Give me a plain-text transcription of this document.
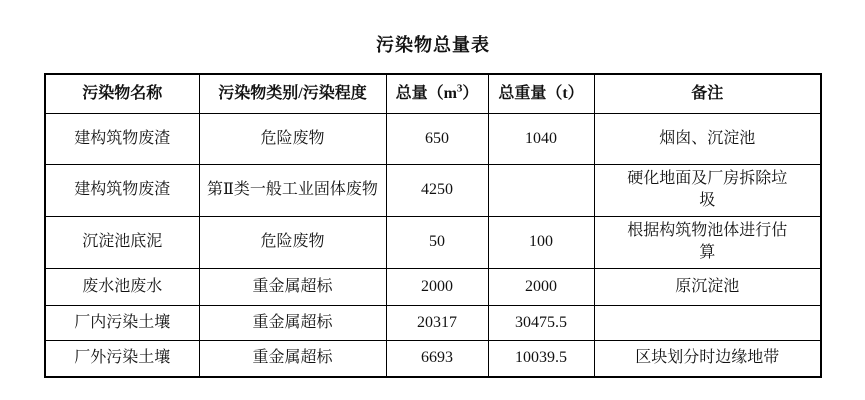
污染物总量表
污染物名称	污染物类别/污染程度	总量$(m^3)$	总重量（t）	备注
建构筑物废渣	危险废物	650	1040	烟囱、沉淀池

建构筑物废渣	第Ⅱ类一般工业固体废物	4250		硬化地面及厂房拆除垃圾

沉淀池底泥	危险废物	50	100	根据构筑物池体进行估算

废水池废水	重金属超标	2000	2000	原沉淀池

厂内污染土壤	重金属超标	20317	30475.5	

厂外污染土壤	重金属超标	6693	10039.5	区块划分时边缘地带
